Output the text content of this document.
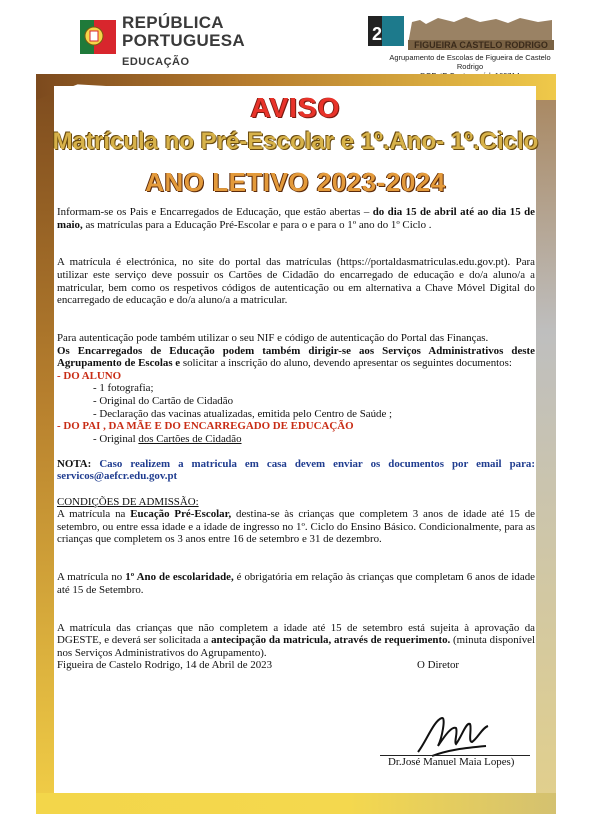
REPÚBLICA
PORTUGUESA
EDUCAÇÃO
2
FIGUEIRA CASTELO RODRIGO
Agrupamento de Escolas de Figueira de Castelo Rodrigo
AVISO
Matrícula no Pré-Escolar e 1º.Ano- 1º.Ciclo
ANO LETIVO 2023-2024

Informam-se os Pais e Encarregados de Educação, que estão abertas – do dia 15 de abril até ao dia 15 de maio, as matrículas para a Educação Pré-Escolar e para o e para o 1º ano do 1º Ciclo .

A matrícula é electrónica, no site do portal das matrículas (https://portaldasmatriculas.edu.gov.pt). Para utilizar este serviço deve possuir os Cartões de Cidadão do encarregado de educação e do/a aluno/a a matricular, bem como os respetivos códigos de autenticação ou em alternativa a Chave Móvel Digital do encarregado de educação e do/a aluno/a a matricular.

Para autenticação pode também utilizar o seu NIF e código de autenticação do Portal das Finanças.

Os Encarregados de Educação podem também dirigir-se aos Serviços Administrativos deste Agrupamento de Escolas e solicitar a inscrição do aluno, devendo apresentar os seguintes documentos:

- DO ALUNO
- 1 fotografia;
- Original do Cartão de Cidadão
- Declaração das vacinas atualizadas, emitida pelo Centro de Saúde ;
- DO PAI , DA MÃE E DO ENCARREGADO DE EDUCAÇÃO
- Original dos Cartões de Cidadão

NOTA: Caso realizem a matricula em casa devem enviar os documentos por email para: servicos@aefcr.edu.gov.pt

CONDIÇÕES DE ADMISSÃO:

A matrícula na Eucação Pré-Escolar, destina-se às crianças que completem 3 anos de idade até 15 de setembro, ou entre essa idade e a idade de ingresso no 1º. Ciclo do Ensino Básico. Condicionalmente, para as crianças que completem os 3 anos entre 16 de setembro e 31 de dezembro.

A matrícula no 1º Ano de escolaridade, é obrigatória em relação às crianças que completam 6 anos de idade até 15 de Setembro.

A matrícula das crianças que não completem a idade até 15 de setembro está sujeita à aprovação da DGESTE, e deverá ser solicitada a antecipação da matricula, através de requerimento. (minuta disponível nos Serviços Administrativos do Agrupamento).

Figueira de Castelo Rodrigo, 14 de Abril de 2023	O Diretor
Dr.José Manuel Maia Lopes)
